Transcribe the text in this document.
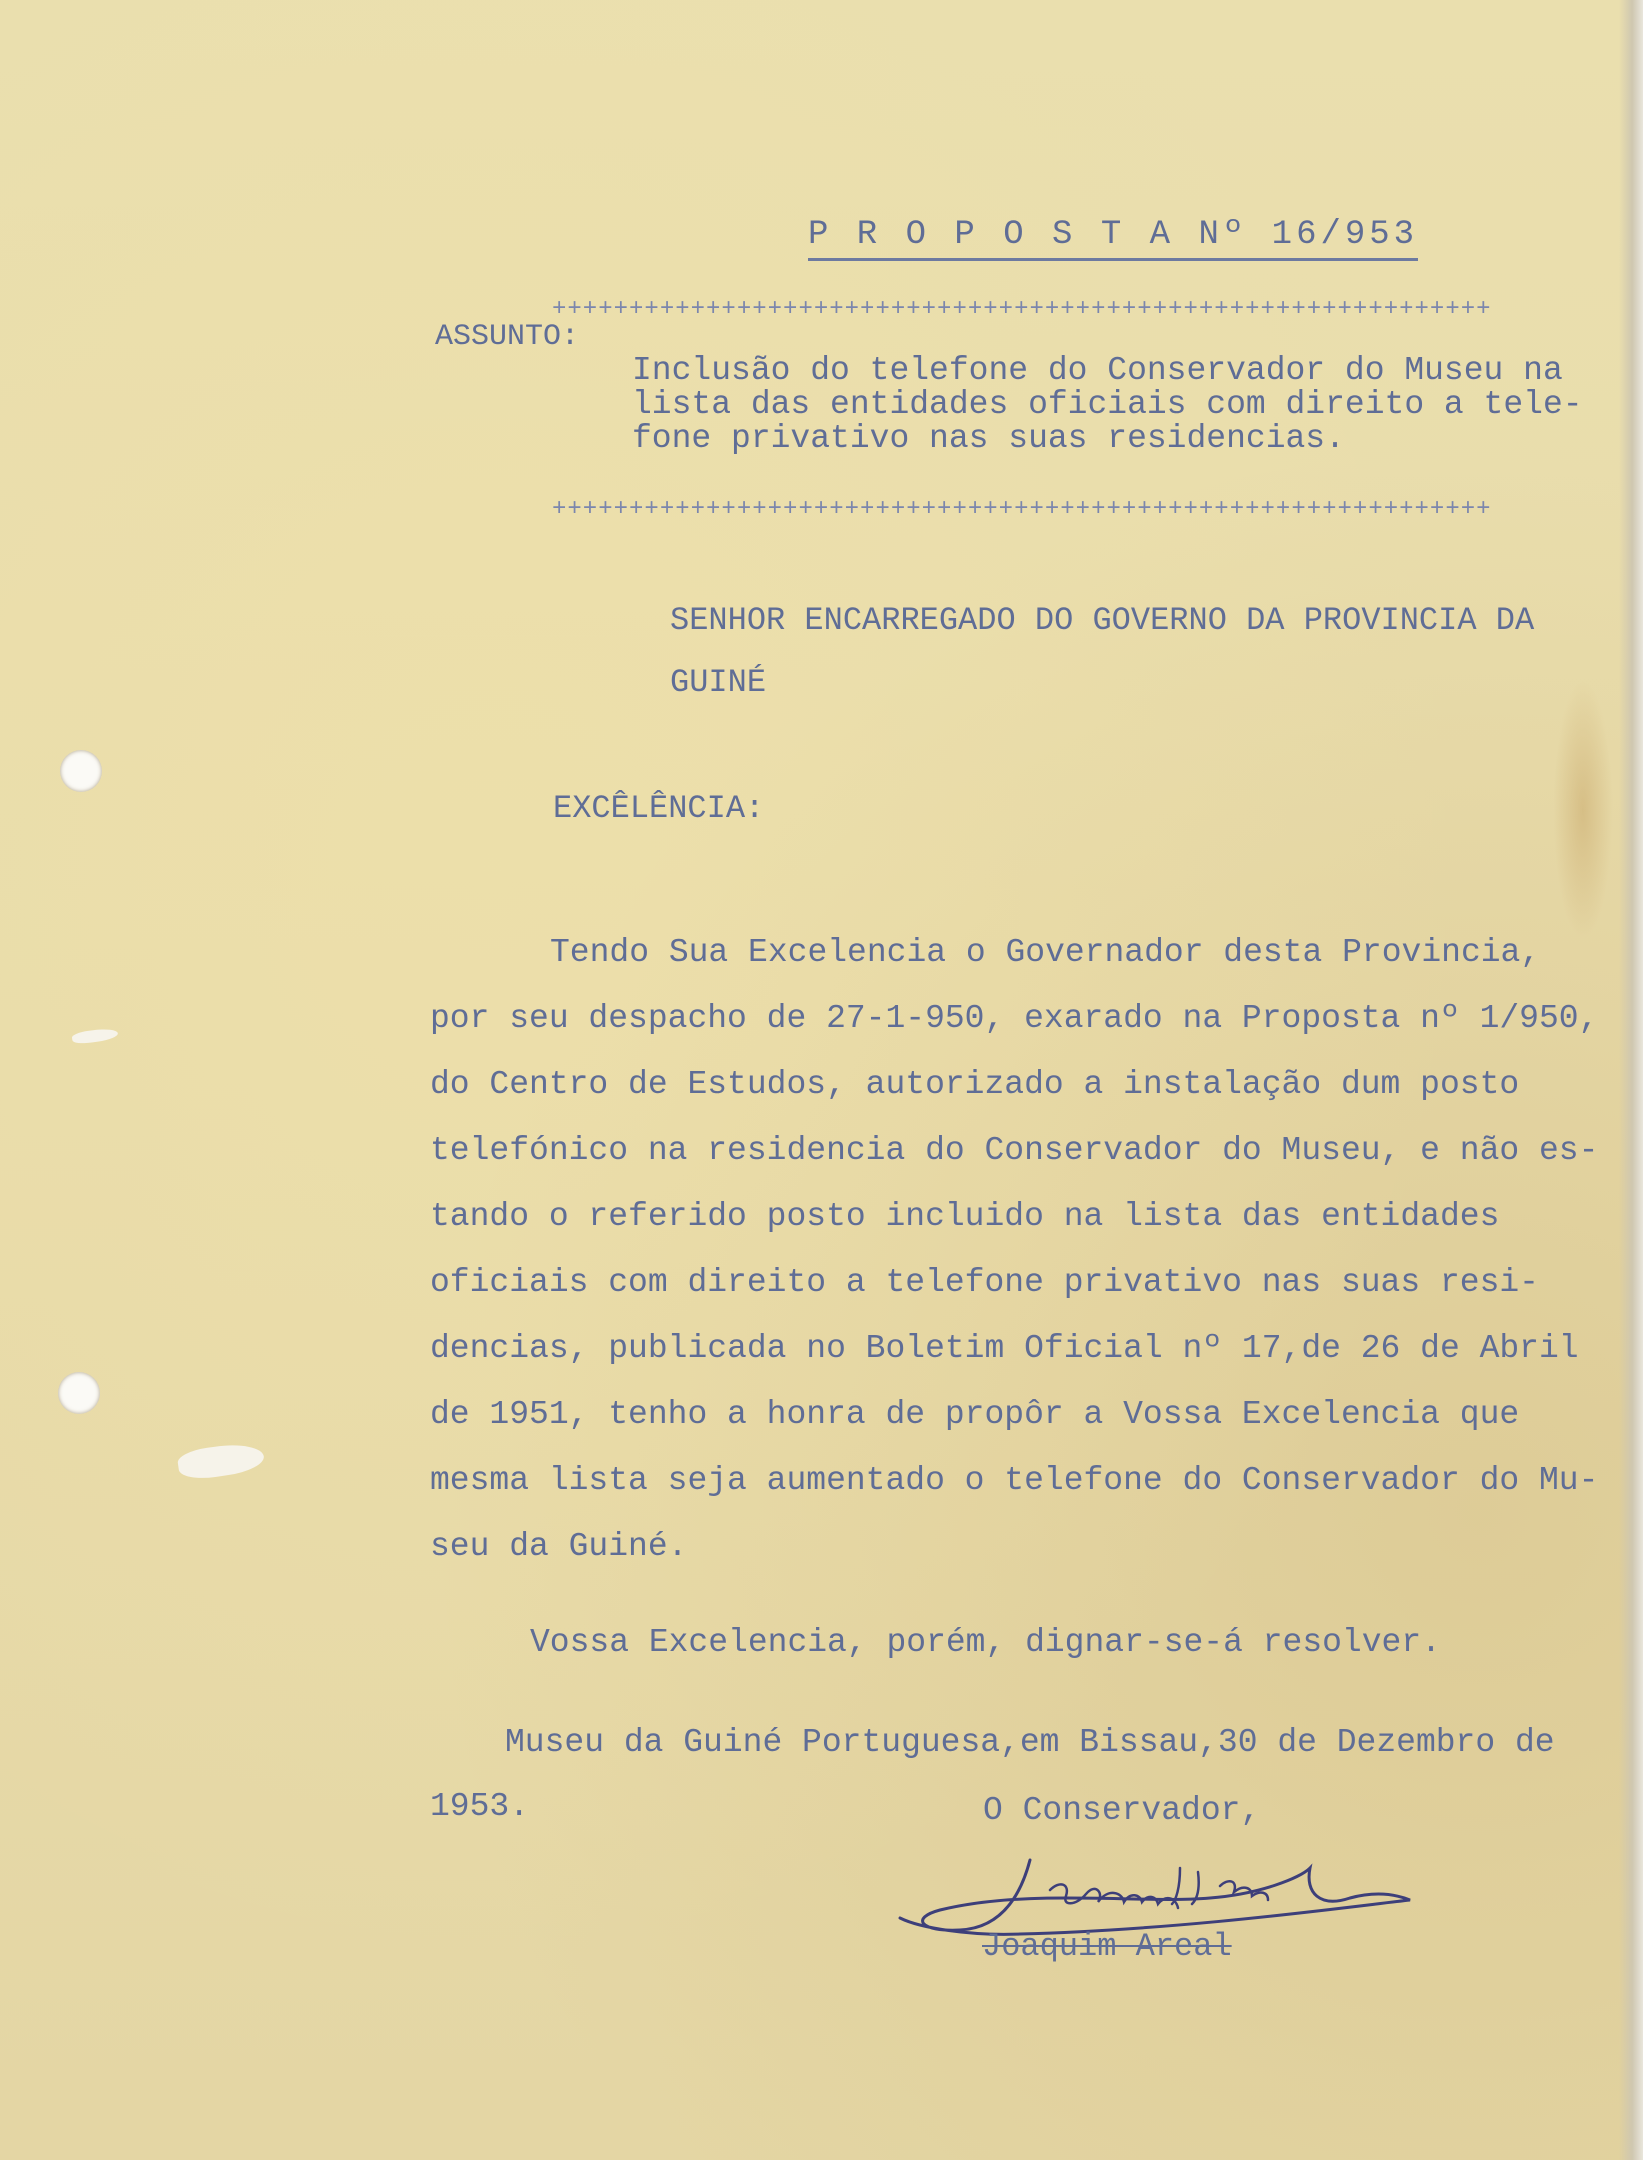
P R O P O S T A Nº 16/953
+++++++++++++++++++++++++++++++++++++++++++++++++++++++++++++
ASSUNTO:
Inclusão do telefone do Conservador do Museu na
lista das entidades oficiais com direito a tele-
fone privativo nas suas residencias.
+++++++++++++++++++++++++++++++++++++++++++++++++++++++++++++
SENHOR ENCARREGADO DO GOVERNO DA PROVINCIA DA
GUINÉ
EXCÊLÊNCIA:
Tendo Sua Excelencia o Governador desta Provincia,
por seu despacho de 27-1-950, exarado na Proposta nº 1/950,
do Centro de Estudos, autorizado a instalação dum posto
telefónico na residencia do Conservador do Museu, e não es-
tando o referido posto incluido na lista das entidades
oficiais com direito a telefone privativo nas suas resi-
dencias, publicada no Boletim Oficial nº 17,de 26 de Abril
de 1951, tenho a honra de propôr a Vossa Excelencia que
mesma lista seja aumentado o telefone do Conservador do Mu-
seu da Guiné.
Vossa Excelencia, porém, dignar-se-á resolver.
Museu da Guiné Portuguesa,em Bissau,30 de Dezembro de
1953.	O Conservador,
Joaquim Areal
